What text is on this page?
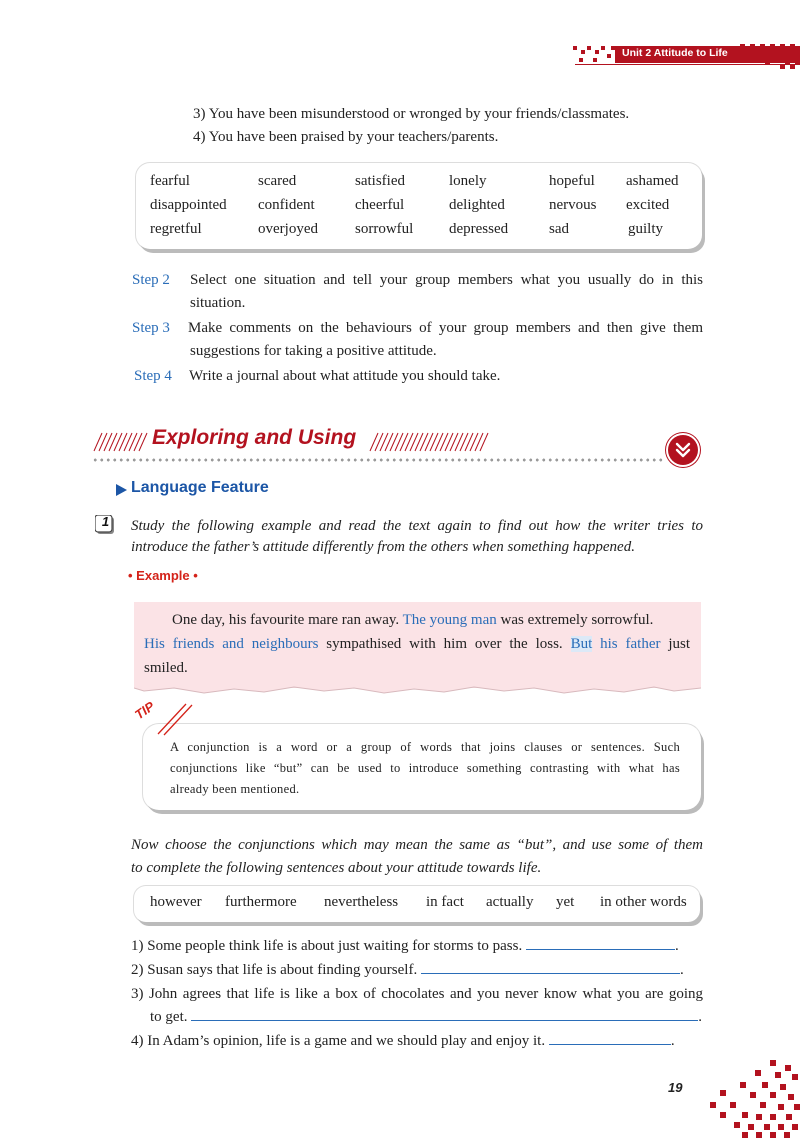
Unit 2 Attitude to Life
3) You have been misunderstood or wronged by your friends/classmates.
4) You have been praised by your teachers/parents.
fearful	scared	satisfied	lonely	hopeful	ashamed
disappointed	confident	cheerful	delighted	nervous	excited
regretful	overjoyed	sorrowful	depressed	sad	guilty
Step 2 Select one situation and tell your group members what you usually do in this
situation.
Step 3 Make comments on the behaviours of your group members and then give them
suggestions for taking a positive attitude.
Step 4 Write a journal about what attitude you should take.
Exploring and Using
Language Feature
1	Study the following example and read the text again to find out how the writer tries to
introduce the father’s attitude differently from the others when something happened.
• Example •
One day, his favourite mare ran away. The young man was extremely sorrowful.
His friends and neighbours sympathised with him over the loss. But his father just
smiled.
TIP
A conjunction is a word or a group of words that joins clauses or sentences. Such
conjunctions like “but” can be used to introduce something contrasting with what has
already been mentioned.
Now choose the conjunctions which may mean the same as “but”, and use some of them
to complete the following sentences about your attitude towards life.
however furthermore nevertheless in fact actually yet in other words
1) Some people think life is about just waiting for storms to pass.	.
2) Susan says that life is about finding yourself.	.
3) John agrees that life is like a box of chocolates and you never know what you are going
to get.	.
4) In Adam’s opinion, life is a game and we should play and enjoy it.	.
19
